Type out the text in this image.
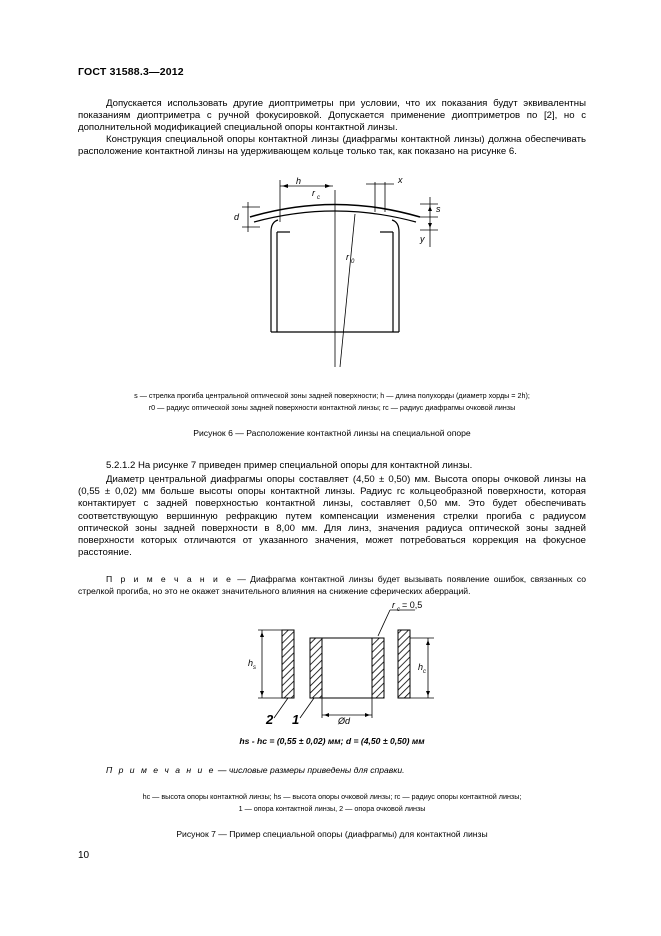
ГОСТ 31588.3—2012
Допускается использовать другие диоптриметры при условии, что их показания будут эквивалентны показаниям диоптриметра с ручной фокусировкой. Допускается применение диоптриметров по [2], но с дополнительной модификацией специальной опоры контактной линзы.
Конструкция специальной опоры контактной линзы (диафрагмы контактной линзы) должна обеспечивать расположение контактной линзы на удерживающем кольце только так, как показано на рисунке 6.
h
r c
x
d
s
y
r 0
s — стрелка прогиба центральной оптической зоны задней поверхности; h — длина полухорды (диаметр хорды = 2h);
r0 — радиус оптической зоны задней поверхности контактной линзы; rc — радиус диафрагмы очковой линзы
Рисунок 6 — Расположение контактной линзы на специальной опоре
5.2.1.2 На рисунке 7 приведен пример специальной опоры для контактной линзы.
Диаметр центральной диафрагмы опоры составляет (4,50 ± 0,50) мм. Высота опоры очковой линзы на (0,55 ± 0,02) мм больше высоты опоры контактной линзы. Радиус rc кольцеобразной поверхности, которая контактирует с задней поверхностью контактной линзы, составляет 0,50 мм. Это будет обеспечивать соответствующую вершинную рефракцию путем компенсации изменения стрелки прогиба с радиусом оптической зоны задней поверхности в 8,00 мм. Для линз, значения радиуса оптической зоны задней поверхности которых отличаются от указанного значения, может потребоваться коррекция на фокусное расстояние.
П р и м е ч а н и е — Диафрагма контактной линзы будет вызывать появление ошибок, связанных со стрелкой прогиба, но это не окажет значительного влияния на снижение сферических аберраций.
r c = 0,5
h s	h c
Ød
2 1
hs - hc = (0,55 ± 0,02) мм; d = (4,50 ± 0,50) мм
П р и м е ч а н и е — числовые размеры приведены для справки.
hc — высота опоры контактной линзы; hs — высота опоры очковой линзы; rc — радиус опоры контактной линзы;
1 — опора контактной линзы, 2 — опора очковой линзы
Рисунок 7 — Пример специальной опоры (диафрагмы) для контактной линзы
10
